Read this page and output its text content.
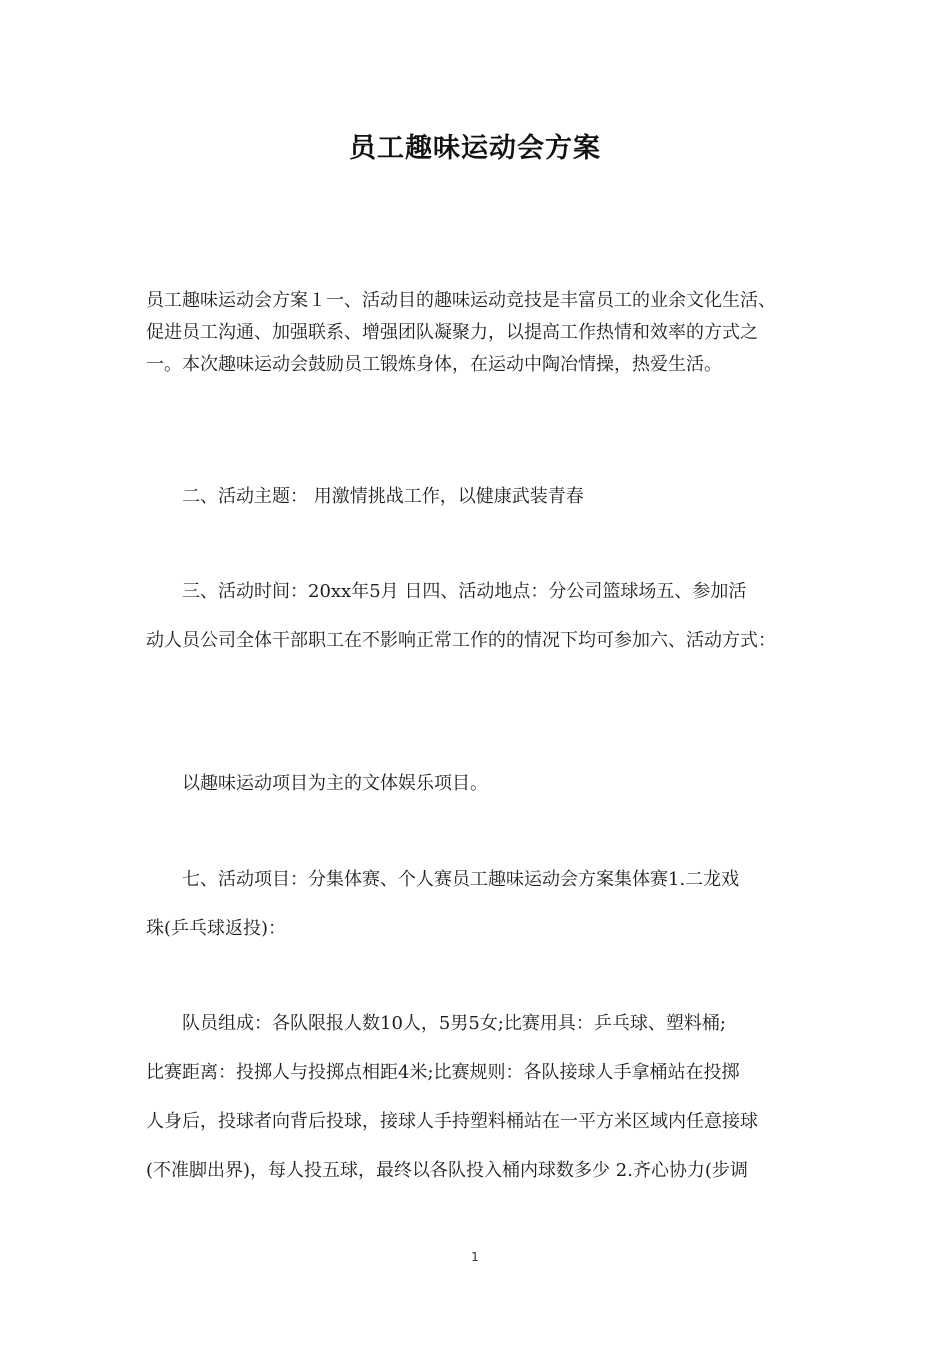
员工趣味运动会方案

员工趣味运动会方案１一、活动目的趣味运动竞技是丰富员工的业余文化生活、
促进员工沟通、加强联系、增强团队凝聚力，以提高工作热情和效率的方式之
一。本次趣味运动会鼓励员工锻炼身体，在运动中陶冶情操，热爱生活。

　　二、活动主题： 用激情挑战工作，以健康武装青春

　　三、活动时间：20xx年5月 日四、活动地点：分公司篮球场五、参加活
动人员公司全体干部职工在不影响正常工作的的情况下均可参加六、活动方式：

　　以趣味运动项目为主的文体娱乐项目。

　　七、活动项目：分集体赛、个人赛员工趣味运动会方案集体赛1.二龙戏
珠(乒乓球返投)：

　　队员组成：各队限报人数10人，5男5女;比赛用具：乒乓球、塑料桶;
比赛距离：投掷人与投掷点相距4米;比赛规则：各队接球人手拿桶站在投掷
人身后，投球者向背后投球，接球人手持塑料桶站在一平方米区域内任意接球
(不准脚出界)，每人投五球，最终以各队投入桶内球数多少 2.齐心协力(步调

1
